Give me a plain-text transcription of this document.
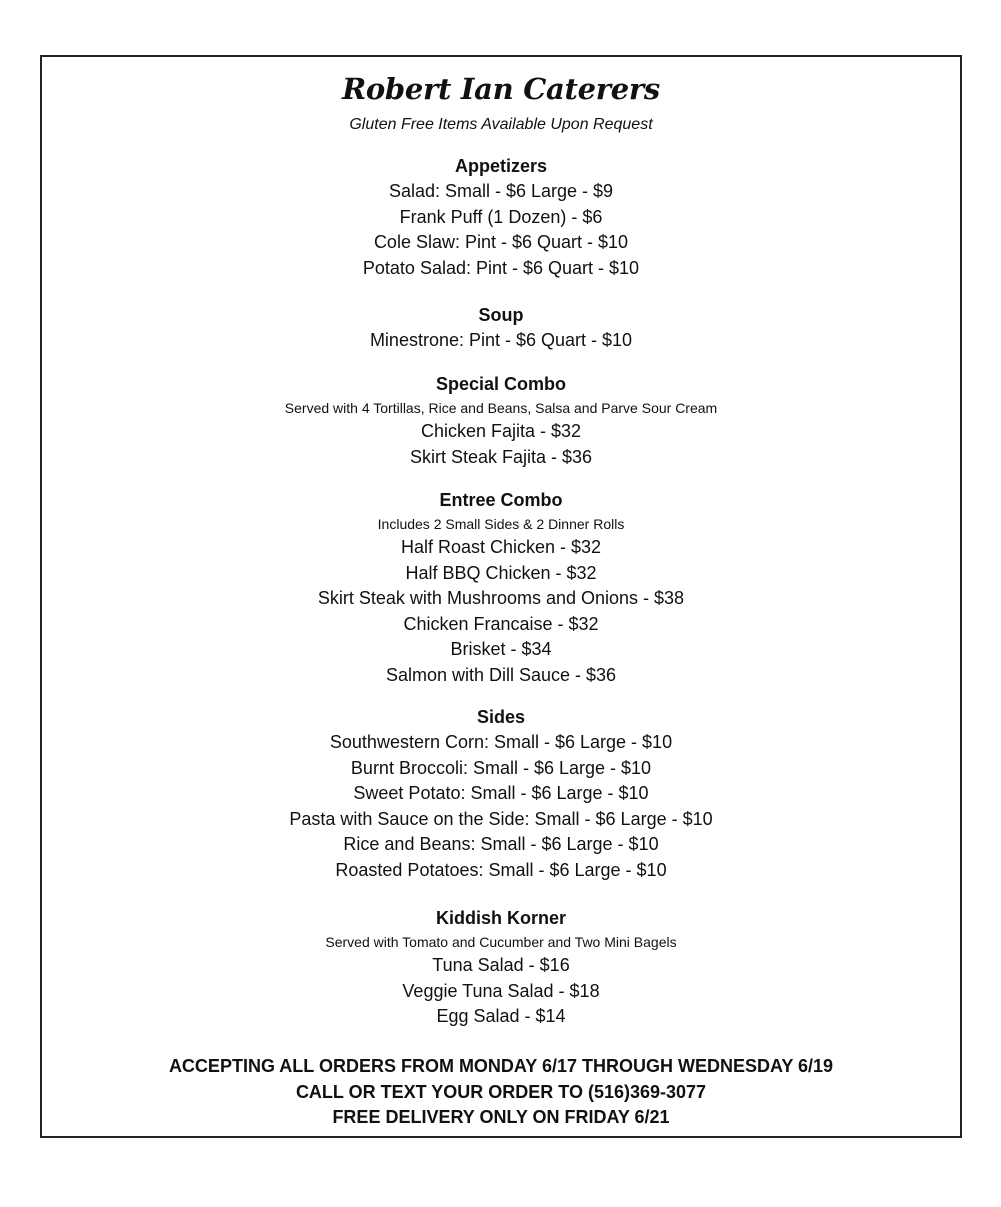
Robert Ian Caterers
Gluten Free Items Available Upon Request
Appetizers
Salad: Small - $6 Large - $9
Frank Puff (1 Dozen) - $6
Cole Slaw: Pint - $6 Quart - $10
Potato Salad: Pint - $6 Quart - $10
Soup
Minestrone: Pint - $6 Quart - $10
Special Combo
Served with 4 Tortillas, Rice and Beans, Salsa and Parve Sour Cream
Chicken Fajita - $32
Skirt Steak Fajita - $36
Entree Combo
Includes 2 Small Sides & 2 Dinner Rolls
Half Roast Chicken - $32
Half BBQ Chicken - $32
Skirt Steak with Mushrooms and Onions - $38
Chicken Francaise - $32
Brisket - $34
Salmon with Dill Sauce - $36
Sides
Southwestern Corn: Small - $6 Large - $10
Burnt Broccoli: Small - $6 Large - $10
Sweet Potato: Small - $6 Large - $10
Pasta with Sauce on the Side: Small - $6 Large - $10
Rice and Beans: Small - $6 Large - $10
Roasted Potatoes: Small - $6 Large - $10
Kiddish Korner
Served with Tomato and Cucumber and Two Mini Bagels
Tuna Salad - $16
Veggie Tuna Salad - $18
Egg Salad - $14
ACCEPTING ALL ORDERS FROM MONDAY 6/17 THROUGH WEDNESDAY 6/19
CALL OR TEXT YOUR ORDER TO (516)369-3077
FREE DELIVERY ONLY ON FRIDAY 6/21
